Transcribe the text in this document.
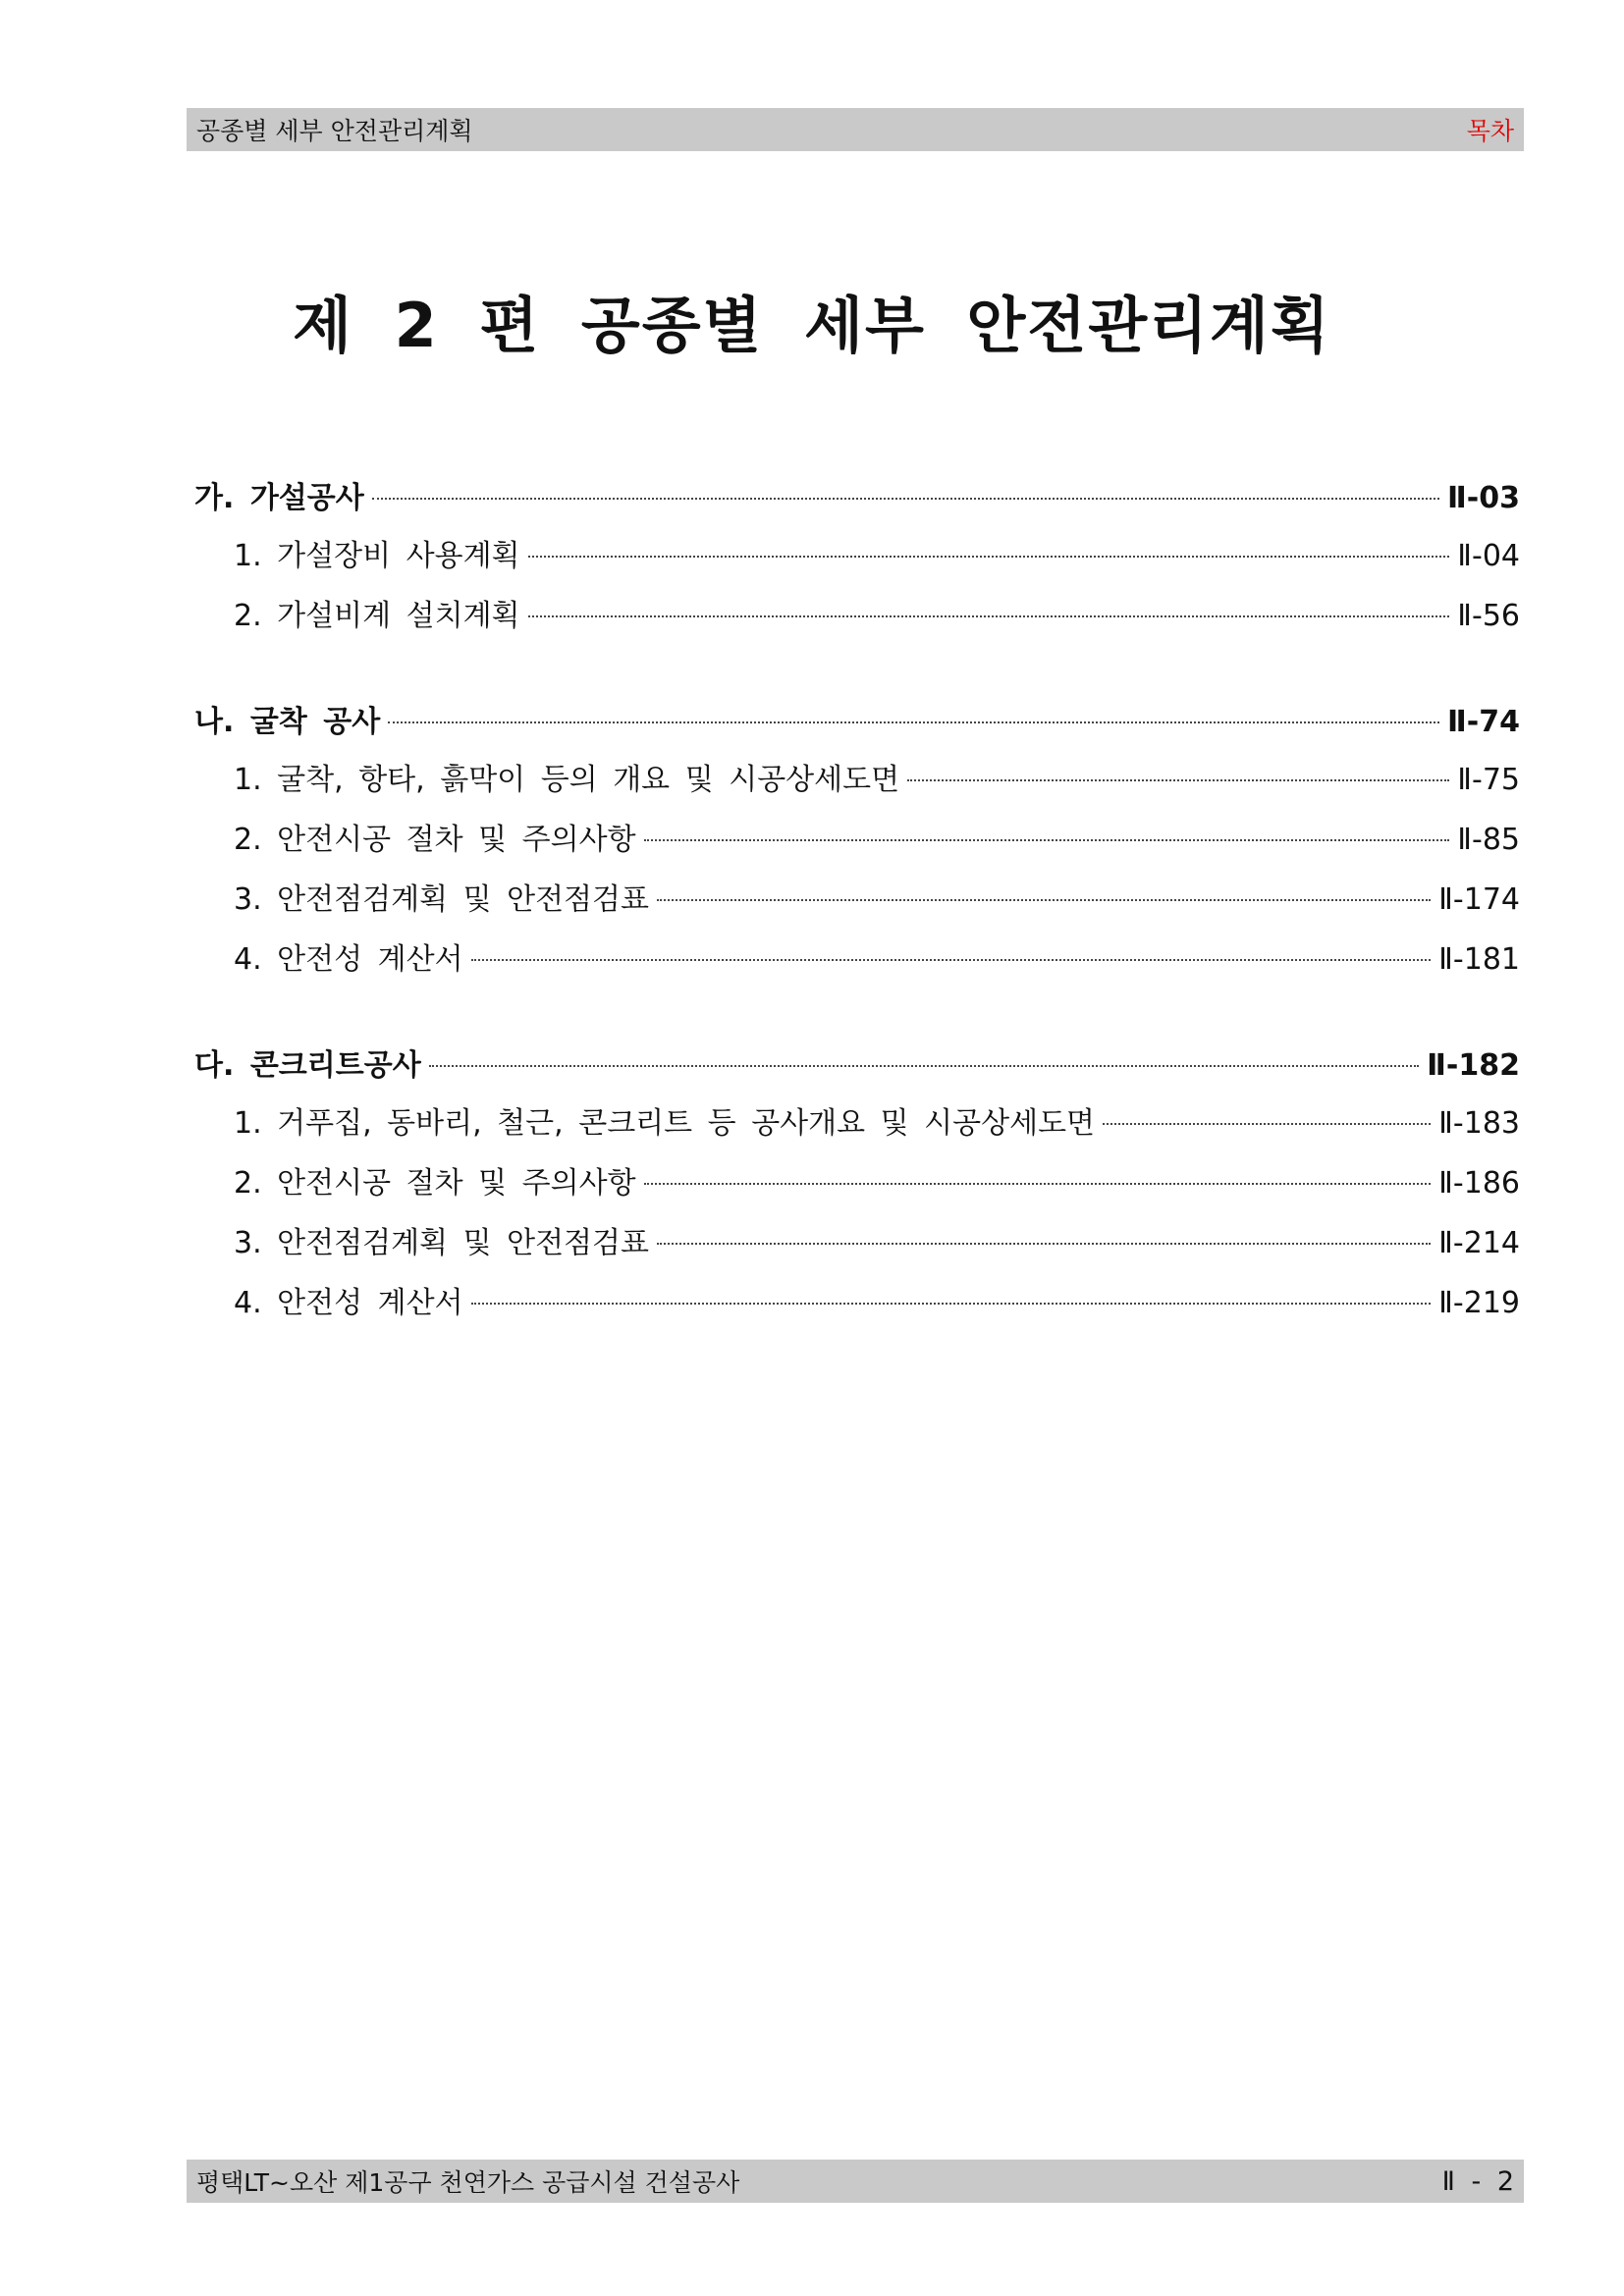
공종별 세부 안전관리계획	목차
제 2 편 공종별 세부 안전관리계획
가. 가설공사	Ⅱ-03
1. 가설장비 사용계획	Ⅱ-04
2. 가설비계 설치계획	Ⅱ-56
나. 굴착 공사	Ⅱ-74
1. 굴착, 항타, 흙막이 등의 개요 및 시공상세도면	Ⅱ-75
2. 안전시공 절차 및 주의사항	Ⅱ-85
3. 안전점검계획 및 안전점검표	Ⅱ-174
4. 안전성 계산서	Ⅱ-181
다. 콘크리트공사	Ⅱ-182
1. 거푸집, 동바리, 철근, 콘크리트 등 공사개요 및 시공상세도면	Ⅱ-183
2. 안전시공 절차 및 주의사항	Ⅱ-186
3. 안전점검계획 및 안전점검표	Ⅱ-214
4. 안전성 계산서	Ⅱ-219
평택LT~오산 제1공구 천연가스 공급시설 건설공사	Ⅱ - 2
